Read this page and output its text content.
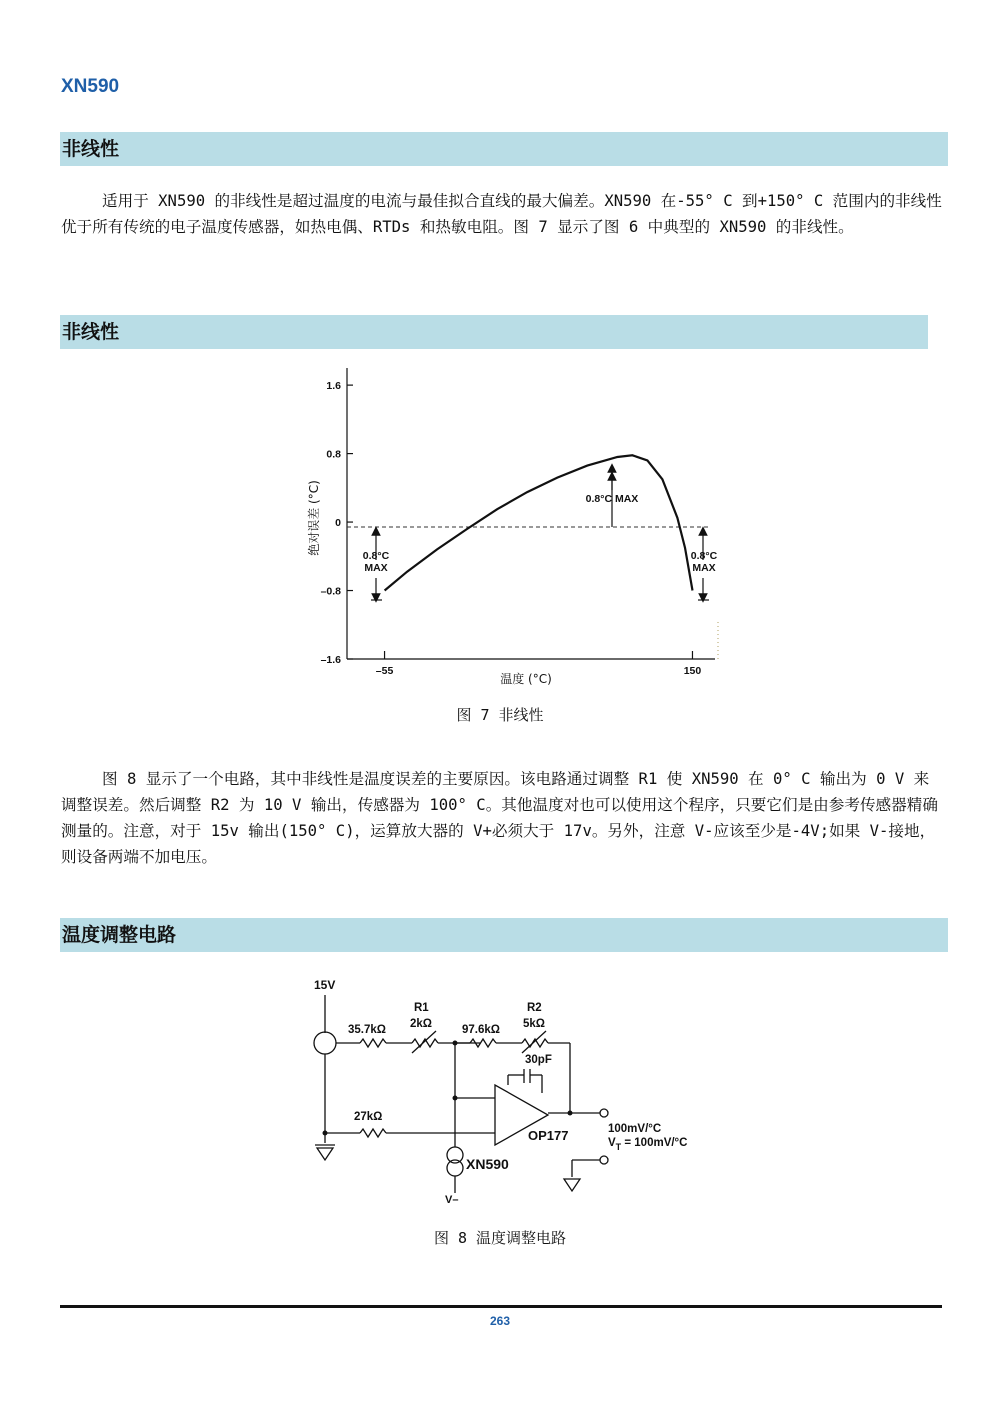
XN590
非线性

适用于 XN590 的非线性是超过温度的电流与最佳拟合直线的最大偏差。XN590 在-55° C 到+150° C 范围内的非线性优于所有传统的电子温度传感器，如热电偶、RTDs 和热敏电阻。图 7 显示了图 6 中典型的 XN590 的非线性。

非线性
1.6
0.8
0
–0.8
–1.6
–55	150
0.8°C MAX
0.8°C
MAX
0.8°C
MAX
绝对误差 (°C)
温度 (°C)
图 7 非线性

图 8 显示了一个电路，其中非线性是温度误差的主要原因。该电路通过调整 R1 使 XN590 在 0° C 输出为 0 V 来调整误差。然后调整 R2 为 10 V 输出，传感器为 100° C。其他温度对也可以使用这个程序，只要它们是由参考传感器精确测量的。注意，对于 15v 输出(150° C)，运算放大器的 V+必须大于 17v。另外，注意 V-应该至少是-4V;如果 V-接地，则设备两端不加电压。

温度调整电路
15V
35.7kΩ
R1
2kΩ	97.6kΩ
R2
5kΩ
30pF
27kΩ
OP177
XN590
V–
100mV/°C
$V_T = 100mV/^\circ C$
图 8 温度调整电路
263
